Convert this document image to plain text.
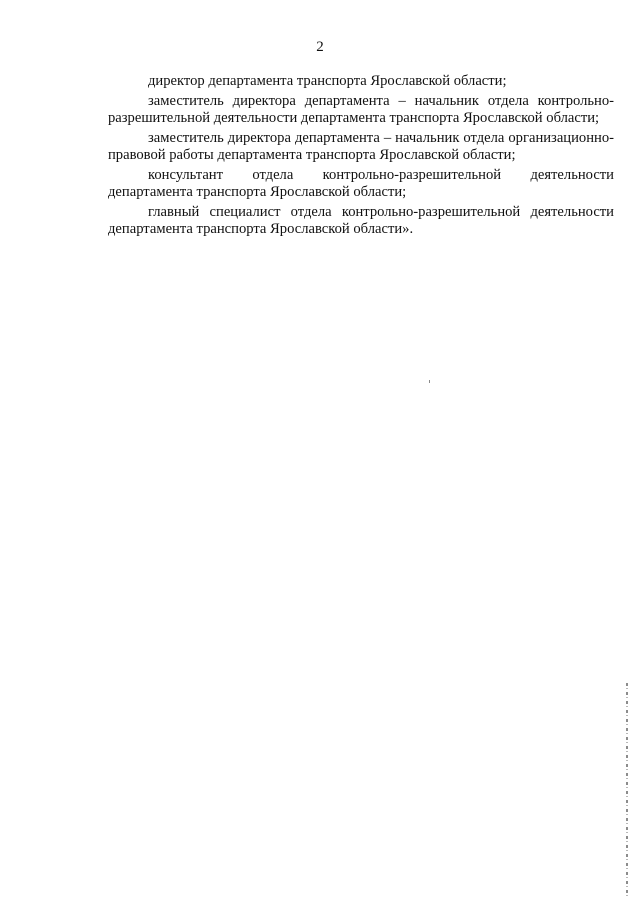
2

директор департамента транспорта Ярославской области;

заместитель директора департамента – начальник отдела контрольно-разрешительной деятельности департамента транспорта Ярославской области;

заместитель директора департамента – начальник отдела организационно-правовой работы департамента транспорта Ярославской области;

консультант отдела контрольно-разрешительной деятельности департамента транспорта Ярославской области;

главный специалист отдела контрольно-разрешительной деятельности департамента транспорта Ярославской области».
